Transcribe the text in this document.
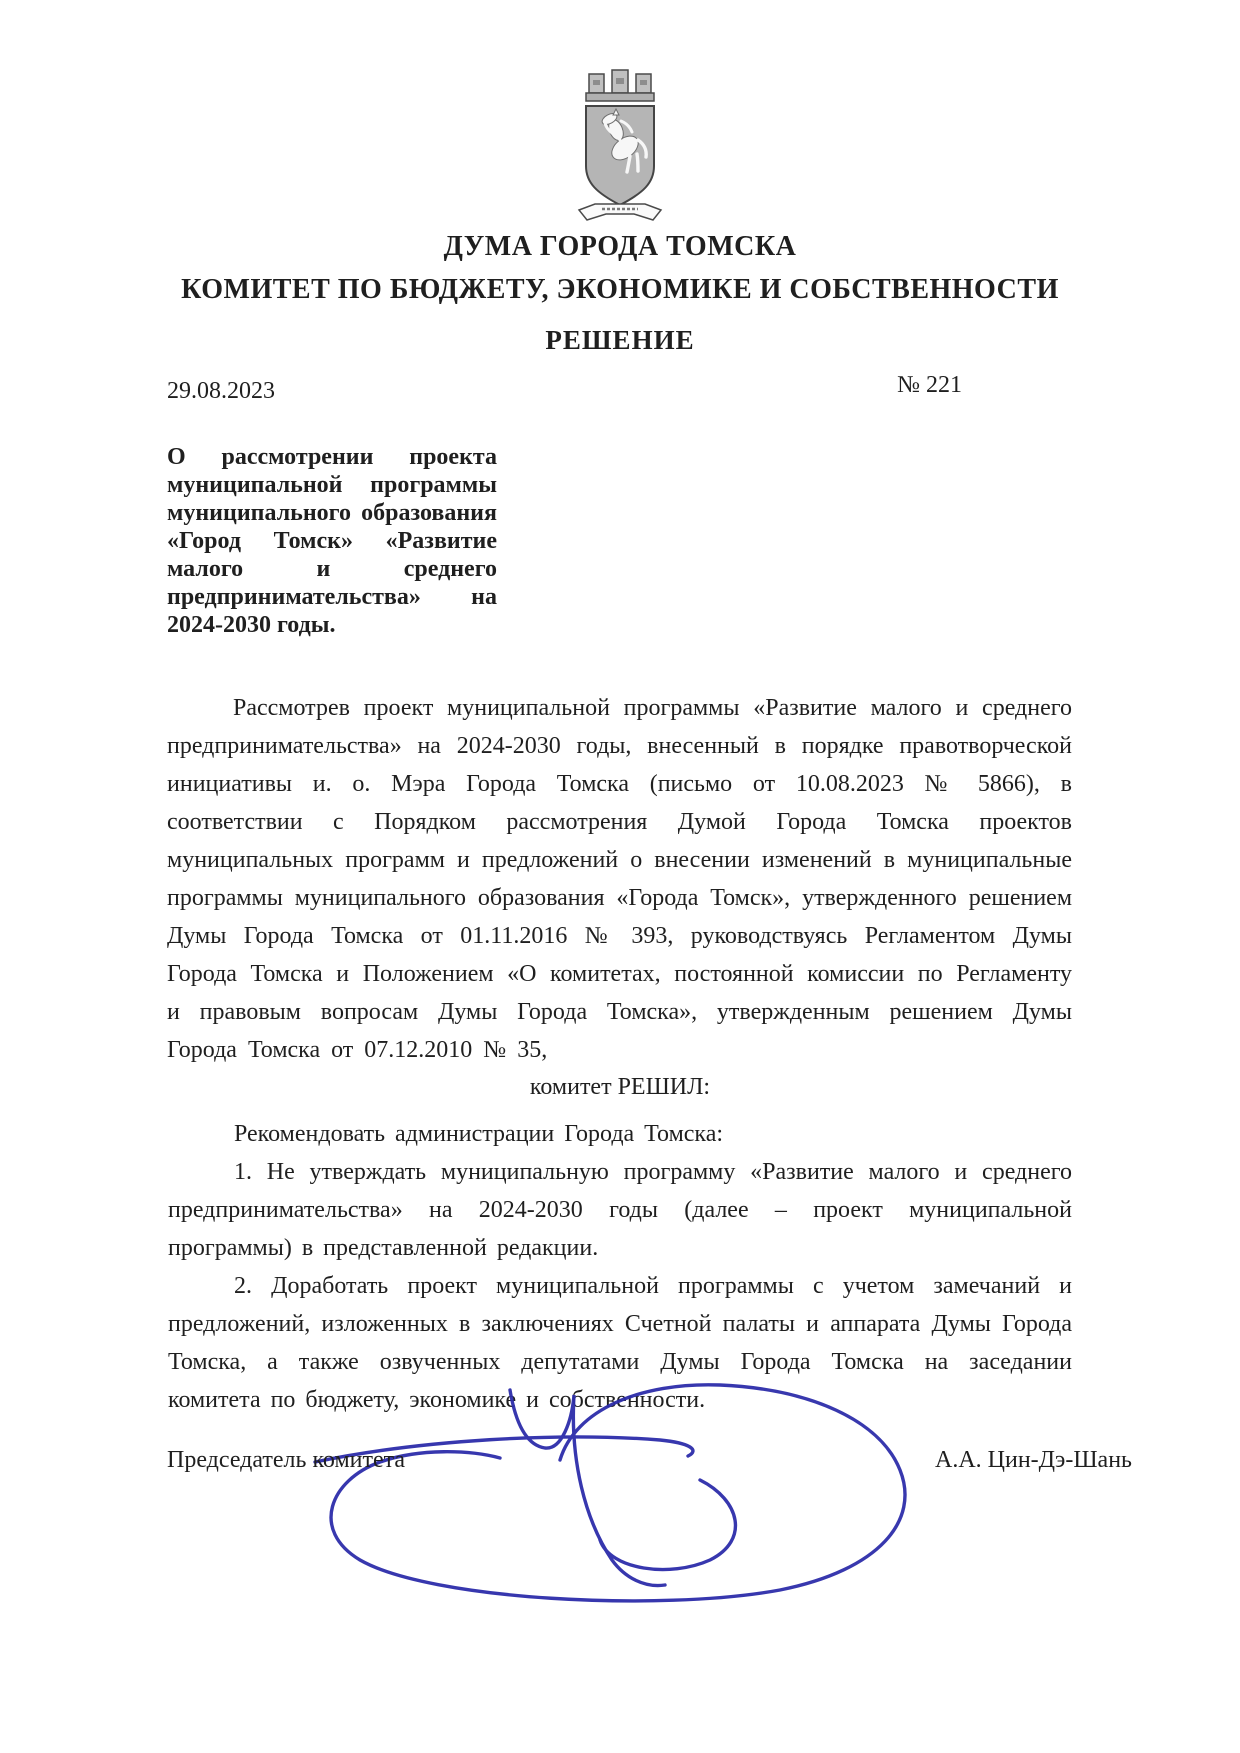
ДУМА ГОРОДА ТОМСКА
КОМИТЕТ ПО БЮДЖЕТУ, ЭКОНОМИКЕ И СОБСТВЕННОСТИ
РЕШЕНИЕ
29.08.2023	№ 221
О рассмотрении проекта муниципальной программы муниципального образования «Город Томск» «Развитие малого и среднего предпринимательства» на 2024-2030 годы.

Рассмотрев проект муниципальной программы «Развитие малого и среднего предпринимательства» на 2024-2030 годы, внесенный в порядке правотворческой инициативы и. о. Мэра Города Томска (письмо от 10.08.2023 № 5866), в соответствии с Порядком рассмотрения Думой Города Томска проектов муниципальных программ и предложений о внесении изменений в муниципальные программы муниципального образования «Города Томск», утвержденного решением Думы Города Томска от 01.11.2016 № 393, руководствуясь Регламентом Думы Города Томска и Положением «О комитетах, постоянной комиссии по Регламенту и правовым вопросам Думы Города Томска», утвержденным решением Думы Города Томска от 07.12.2010 № 35,

комитет РЕШИЛ:

Рекомендовать администрации Города Томска:

1. Не утверждать муниципальную программу «Развитие малого и среднего предпринимательства» на 2024-2030 годы (далее – проект муниципальной программы) в представленной редакции.

2. Доработать проект муниципальной программы с учетом замечаний и предложений, изложенных в заключениях Счетной палаты и аппарата Думы Города Томска, а также озвученных депутатами Думы Города Томска на заседании комитета по бюджету, экономике и собственности.

Председатель комитета	А.А. Цин-Дэ-Шань
